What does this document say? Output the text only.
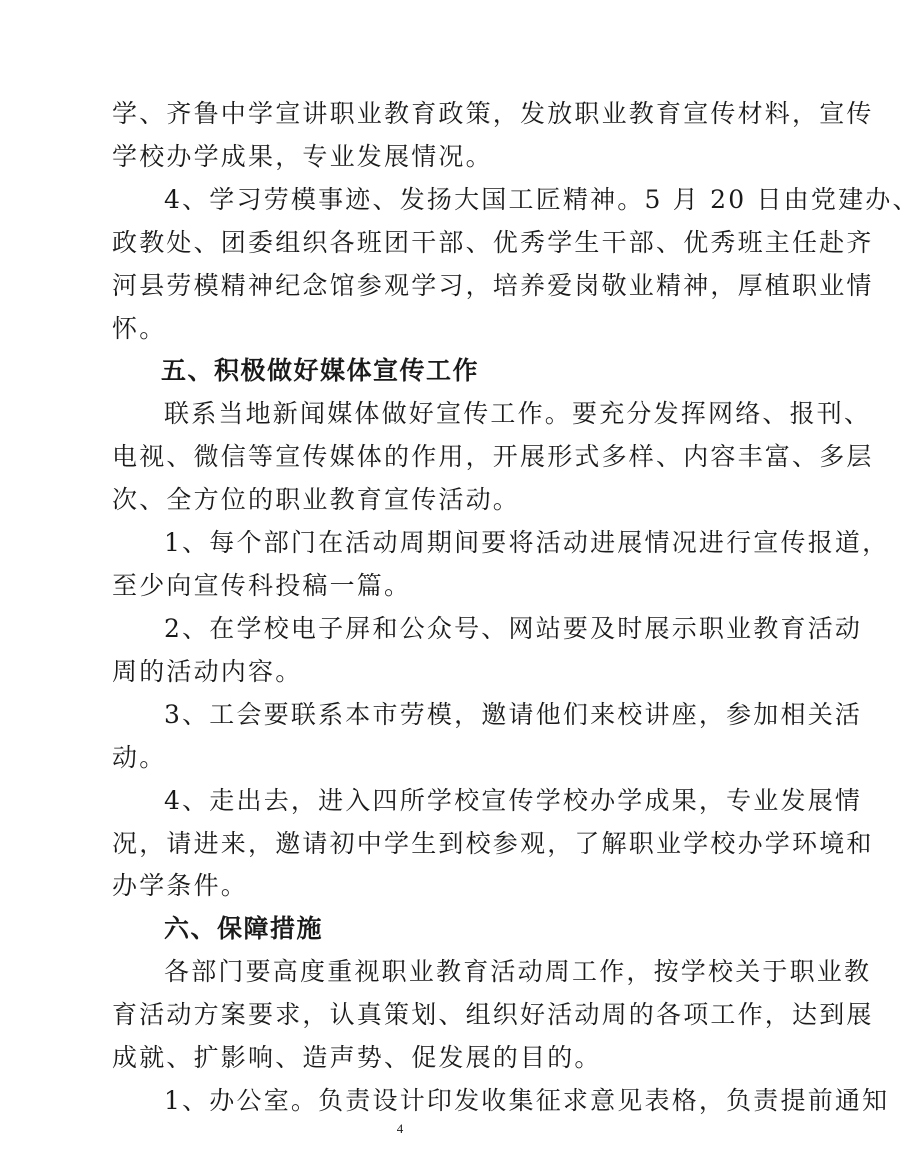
学、齐鲁中学宣讲职业教育政策，发放职业教育宣传材料，宣传
学校办学成果，专业发展情况。
4、学习劳模事迹、发扬大国工匠精神。5 月 20 日由党建办、
政教处、团委组织各班团干部、优秀学生干部、优秀班主任赴齐
河县劳模精神纪念馆参观学习，培养爱岗敬业精神，厚植职业情
怀。
五、积极做好媒体宣传工作
联系当地新闻媒体做好宣传工作。要充分发挥网络、报刊、
电视、微信等宣传媒体的作用，开展形式多样、内容丰富、多层
次、全方位的职业教育宣传活动。
1、每个部门在活动周期间要将活动进展情况进行宣传报道，
至少向宣传科投稿一篇。
2、在学校电子屏和公众号、网站要及时展示职业教育活动
周的活动内容。
3、工会要联系本市劳模，邀请他们来校讲座，参加相关活
动。
4、走出去，进入四所学校宣传学校办学成果，专业发展情
况，请进来，邀请初中学生到校参观，了解职业学校办学环境和
办学条件。
六、保障措施
各部门要高度重视职业教育活动周工作，按学校关于职业教
育活动方案要求，认真策划、组织好活动周的各项工作，达到展
成就、扩影响、造声势、促发展的目的。
1、办公室。负责设计印发收集征求意见表格，负责提前通知
4
